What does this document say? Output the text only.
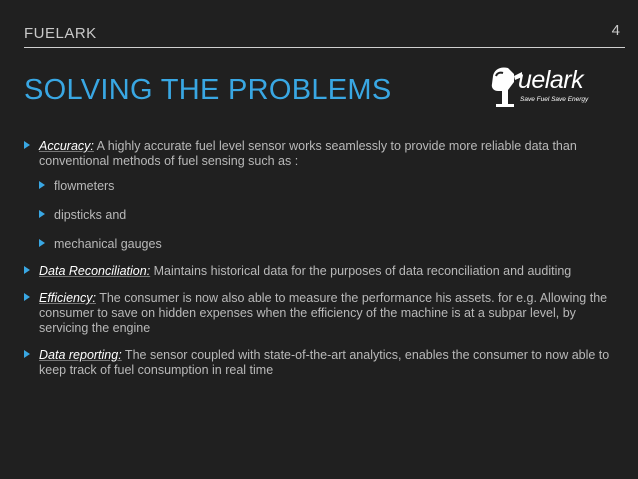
FUELARK	4
SOLVING THE PROBLEMS	uelark
Save Fuel Save Energy
Accuracy: A highly accurate fuel level sensor works seamlessly to provide more reliable data than conventional methods of fuel sensing such as :
flowmeters
dipsticks and
mechanical gauges
Data Reconciliation: Maintains historical data for the purposes of data reconciliation and auditing
Efficiency: The consumer is now also able to measure the performance his assets. for e.g. Allowing the consumer to save on hidden expenses when the efficiency of the machine is at a subpar level, by servicing the engine
Data reporting: The sensor coupled with state-of-the-art analytics, enables the consumer to now able to keep track of fuel consumption in real time
